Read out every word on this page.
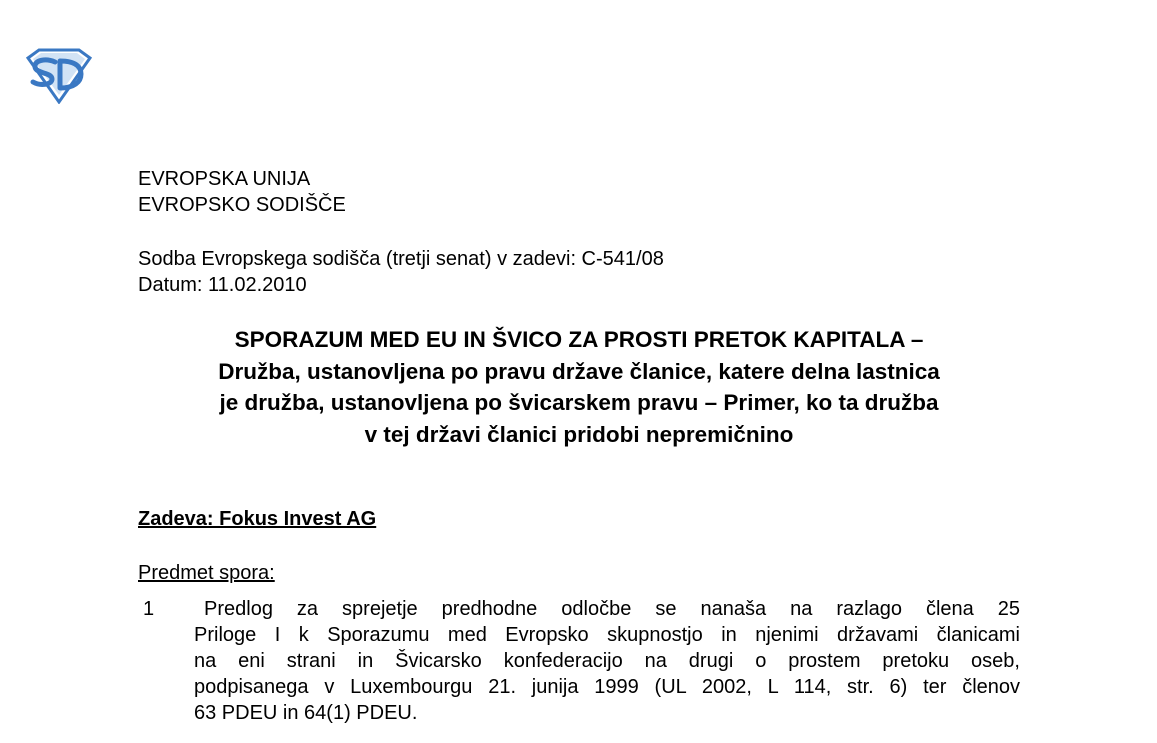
EVROPSKA UNIJA
EVROPSKO SODIŠČE
Sodba Evropskega sodišča (tretji senat) v zadevi: C-541/08
Datum: 11.02.2010
SPORAZUM MED EU IN ŠVICO ZA PROSTI PRETOK KAPITALA –
Družba, ustanovljena po pravu države članice, katere delna lastnica
je družba, ustanovljena po švicarskem pravu – Primer, ko ta družba
v tej državi članici pridobi nepremičnino
Zadeva: Fokus Invest AG
Predmet spora:
1	Predlog za sprejetje predhodne odločbe se nanaša na razlago člena 25
Priloge I k Sporazumu med Evropsko skupnostjo in njenimi državami članicami
na eni strani in Švicarsko konfederacijo na drugi o prostem pretoku oseb,
podpisanega v Luxembourgu 21. junija 1999 (UL 2002, L 114, str. 6) ter členov
63 PDEU in 64(1) PDEU.
